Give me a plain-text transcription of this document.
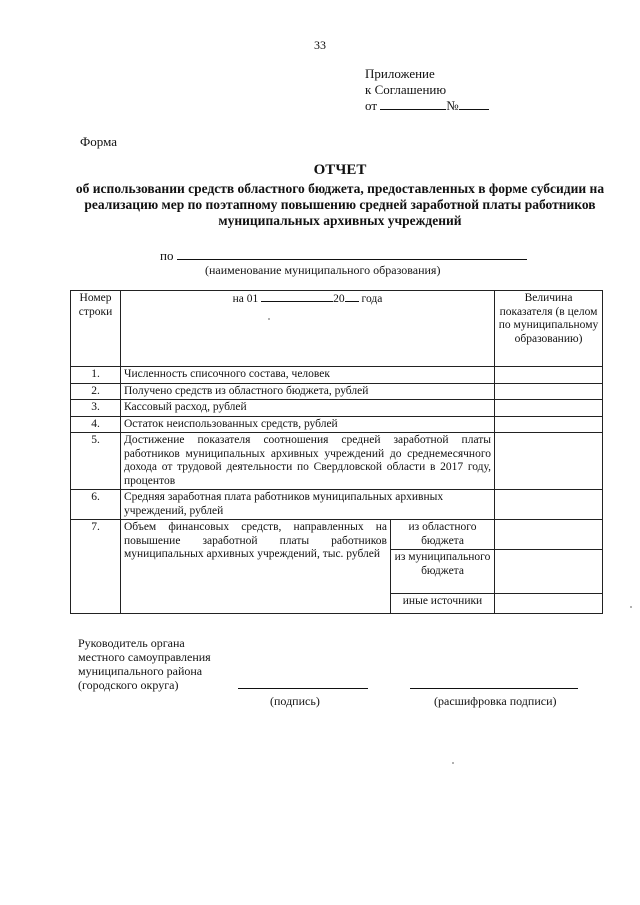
33
Приложение
к Соглашению
от	№
Форма
ОТЧЕТ
об использовании средств областного бюджета, предоставленных в форме субсидии на реализацию мер по поэтапному повышению средней заработной платы работников муниципальных архивных учреждений
по
(наименование муниципального образования)
Номер строки	на 01 20 года		Величина показателя (в целом по муниципальному образованию)
1.	Численность списочного состава, человек		
2.	Получено средств из областного бюджета, рублей		
3.	Кассовый расход, рублей		
4.	Остаток неиспользованных средств, рублей		
5.	Достижение показателя соотношения средней заработной платы работников муниципальных архивных учреждений до среднемесячного дохода от трудовой деятельности по Свердловской области в 2017 году, процентов		
6.	Средняя заработная плата работников муниципальных архивных учреждений, рублей		
7.	Объем финансовых средств, направленных на повышение заработной платы работников муниципальных архивных учреждений, тыс. рублей	из областного бюджета	
		из муниципального бюджета	
		иные источники	
Руководитель органа
местного самоуправления
муниципального района
(городского округа)
(подпись)	(расшифровка подписи)
